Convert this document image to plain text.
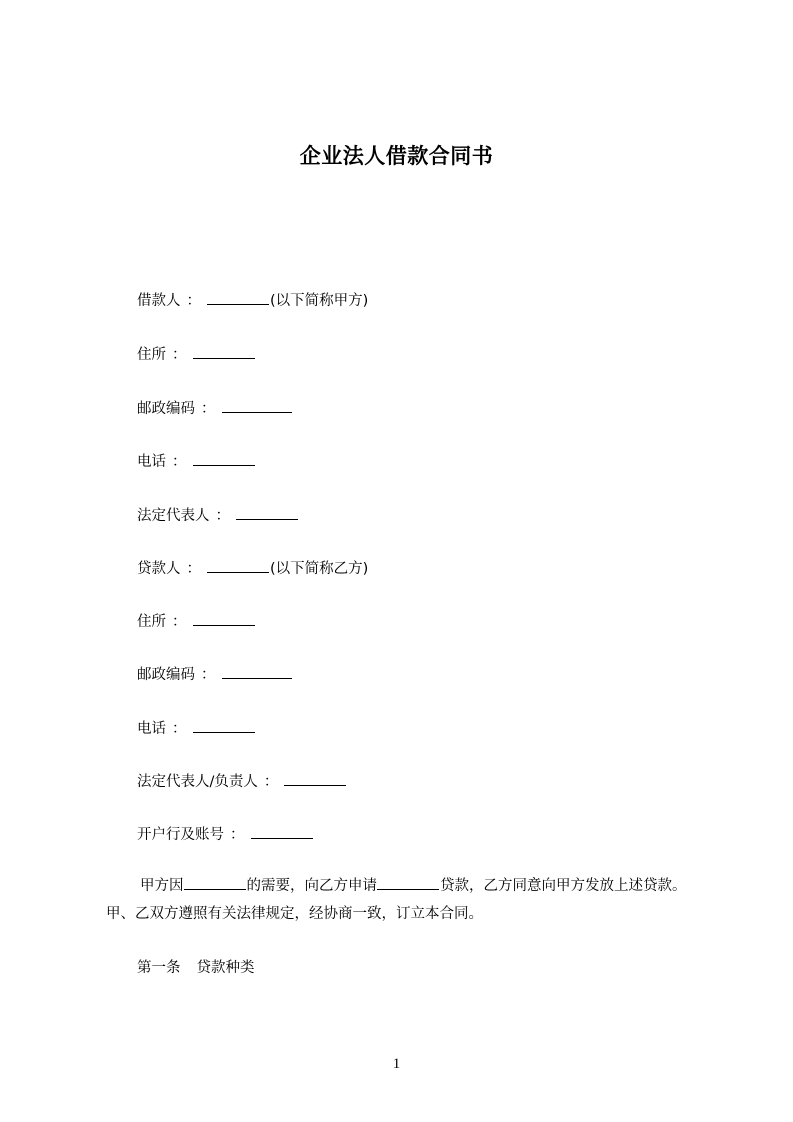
企业法人借款合同书
借款人 ：	(以下简称甲方)
住所 ：
邮政编码 ：
电话 ：
法定代表人 ：
贷款人 ：	(以下简称乙方)
住所 ：
邮政编码 ：
电话 ：
法定代表人/负责人 ：
开户行及账号 ：
甲方因	的需要，向乙方申请	贷款，乙方同意向甲方发放上述贷款。甲、乙双方遵照有关法律规定，经协商一致，订立本合同。
第一条 贷款种类
1
